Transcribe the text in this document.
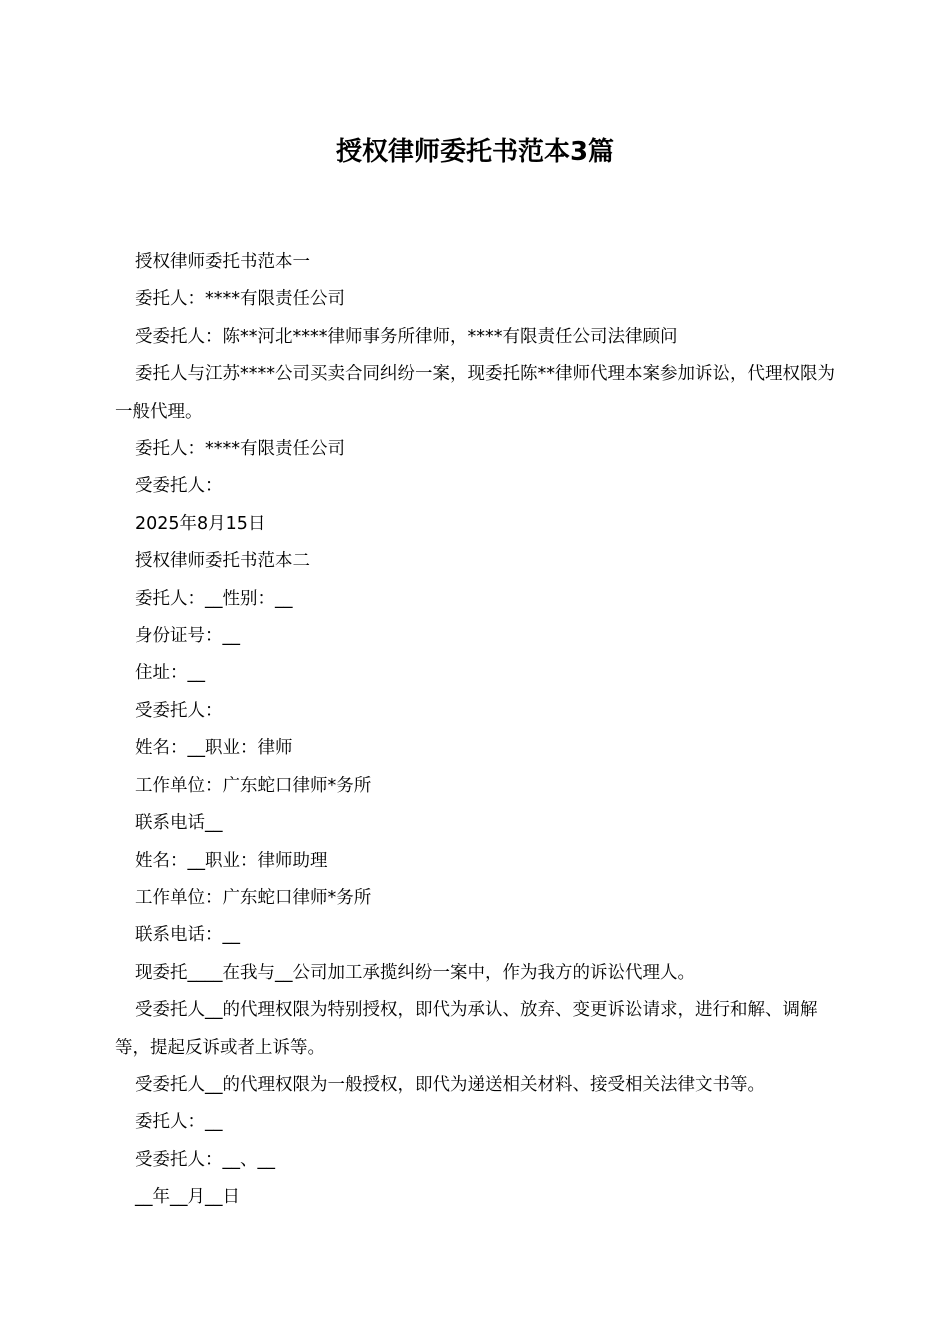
授权律师委托书范本3篇

授权律师委托书范本一

委托人：****有限责任公司

受委托人：陈**河北****律师事务所律师，****有限责任公司法律顾问

委托人与江苏****公司买卖合同纠纷一案，现委托陈**律师代理本案参加诉讼，代理权限为一般代理。

委托人：****有限责任公司

受委托人：

2025年8月15日

授权律师委托书范本二

委托人：__性别：__

身份证号：__

住址：__

受委托人：

姓名：__职业：律师

工作单位：广东蛇口律师*务所

联系电话__

姓名：__职业：律师助理

工作单位：广东蛇口律师*务所

联系电话：__

现委托____在我与__公司加工承揽纠纷一案中，作为我方的诉讼代理人。

受委托人__的代理权限为特别授权，即代为承认、放弃、变更诉讼请求，进行和解、调解等，提起反诉或者上诉等。

受委托人__的代理权限为一般授权，即代为递送相关材料、接受相关法律文书等。

委托人：__

受委托人：__、__

__年__月__日
